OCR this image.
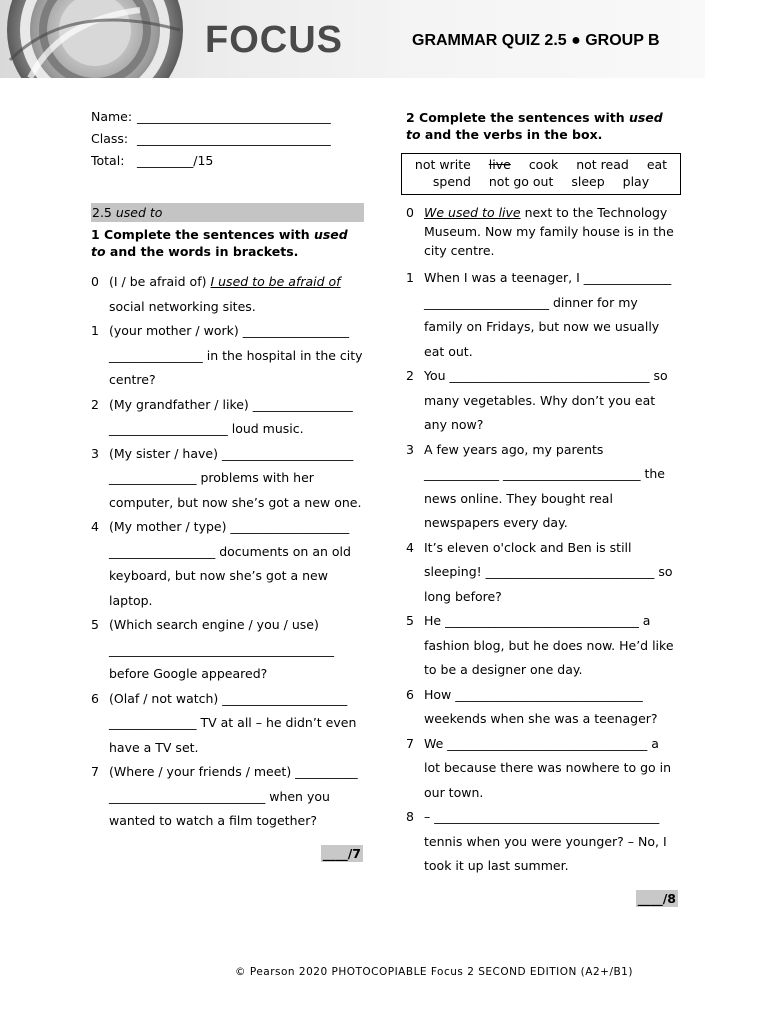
FOCUS	GRAMMAR QUIZ 2.5 ● GROUP B
Name: _______________________________
Class: _______________________________
Total:	_________/15
2.5 used to
1 Complete the sentences with used to and the words in brackets.
0 (I / be afraid of) I used to be afraid of social networking sites.
1 (your mother / work) _________________ _______________ in the hospital in the city centre?
2 (My grandfather / like) ________________ ___________________ loud music.
3 (My sister / have) _____________________ ______________ problems with her computer, but now she’s got a new one.
4 (My mother / type) ___________________ _________________ documents on an old keyboard, but now she’s got a new laptop.
5 (Which search engine / you / use) ____________________________________ before Google appeared?
6 (Olaf / not watch) ____________________ ______________ TV at all – he didn’t even have a TV set.
7 (Where / your friends / meet) __________ _________________________ when you wanted to watch a film together?
____/7
2 Complete the sentences with used to and the verbs in the box.
not write live cook not read eat
spend not go out sleep play
0 We used to live next to the Technology Museum. Now my family house is in the city centre.
1 When I was a teenager, I ______________ ____________________ dinner for my family on Fridays, but now we usually eat out.
2 You ________________________________ so many vegetables. Why don’t you eat any now?
3 A few years ago, my parents ____________ ______________________ the news online. They bought real newspapers every day.
4 It’s eleven o'clock and Ben is still sleeping! ___________________________ so long before?
5 He _______________________________ a fashion blog, but he does now. He’d like to be a designer one day.
6 How ______________________________ weekends when she was a teenager?
7 We ________________________________ a lot because there was nowhere to go in our town.
8 – ____________________________________ tennis when you were younger? – No, I took it up last summer.
____/8
© Pearson 2020 PHOTOCOPIABLE Focus 2 SECOND EDITION (A2+/B1)
